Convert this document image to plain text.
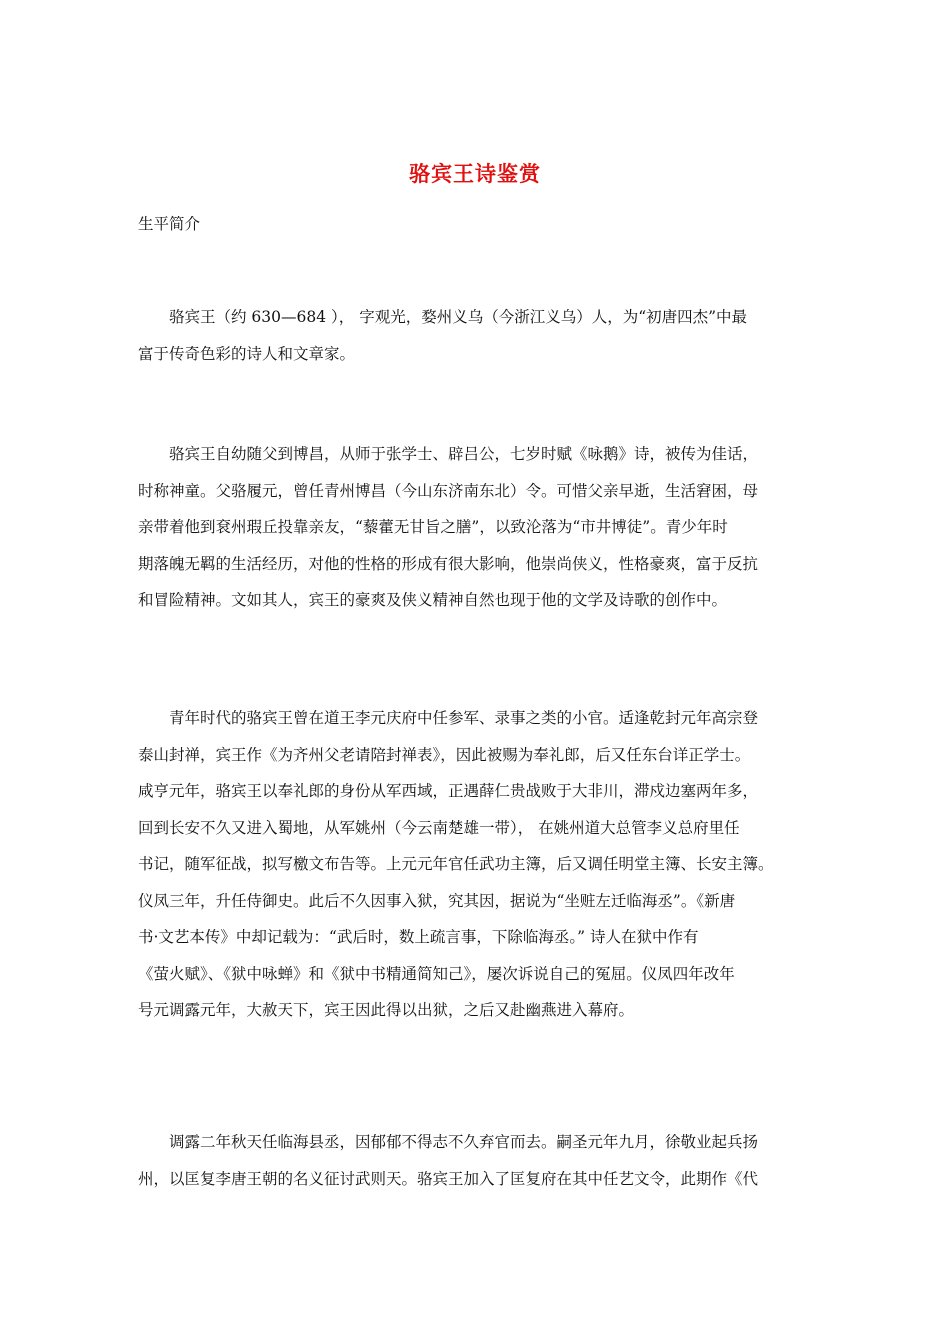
骆宾王诗鉴赏
生平简介
骆宾王（约 630—684 ）， 字观光，婺州义乌（今浙江义乌）人，为“初唐四杰”中最
富于传奇色彩的诗人和文章家。
骆宾王自幼随父到博昌，从师于张学士、辟吕公，七岁时赋《咏鹅》诗，被传为佳话，
时称神童。父骆履元，曾任青州博昌（今山东济南东北）令。可惜父亲早逝，生活窘困，母
亲带着他到袞州瑕丘投靠亲友，“藜藿无甘旨之膳”，以致沦落为“市井博徒”。青少年时
期落魄无羁的生活经历，对他的性格的形成有很大影响，他崇尚侠义，性格豪爽，富于反抗
和冒险精神。文如其人，宾王的豪爽及侠义精神自然也现于他的文学及诗歌的创作中。
青年时代的骆宾王曾在道王李元庆府中任参军、录事之类的小官。适逢乾封元年高宗登
泰山封禅，宾王作《为齐州父老请陪封禅表》，因此被赐为奉礼郎，后又任东台详正学士。
咸亨元年，骆宾王以奉礼郎的身份从军西域，正遇薛仁贵战败于大非川，滞戍边塞两年多，
回到长安不久又进入蜀地，从军姚州（今云南楚雄一带）， 在姚州道大总管李义总府里任
书记，随军征战，拟写檄文布告等。上元元年官任武功主簿，后又调任明堂主簿、长安主簿。
仪凤三年，升任侍御史。此后不久因事入狱，究其因，据说为“坐赃左迁临海丞”。《新唐
书·文艺本传》中却记载为：“武后时，数上疏言事，下除临海丞。” 诗人在狱中作有
《萤火赋》、《狱中咏蝉》和《狱中书精通简知己》，屡次诉说自己的冤屈。仪凤四年改年
号元调露元年，大赦天下，宾王因此得以出狱，之后又赴幽燕进入幕府。
调露二年秋天任临海县丞，因郁郁不得志不久弃官而去。嗣圣元年九月，徐敬业起兵扬
州，以匡复李唐王朝的名义征讨武则天。骆宾王加入了匡复府在其中任艺文令，此期作《代
